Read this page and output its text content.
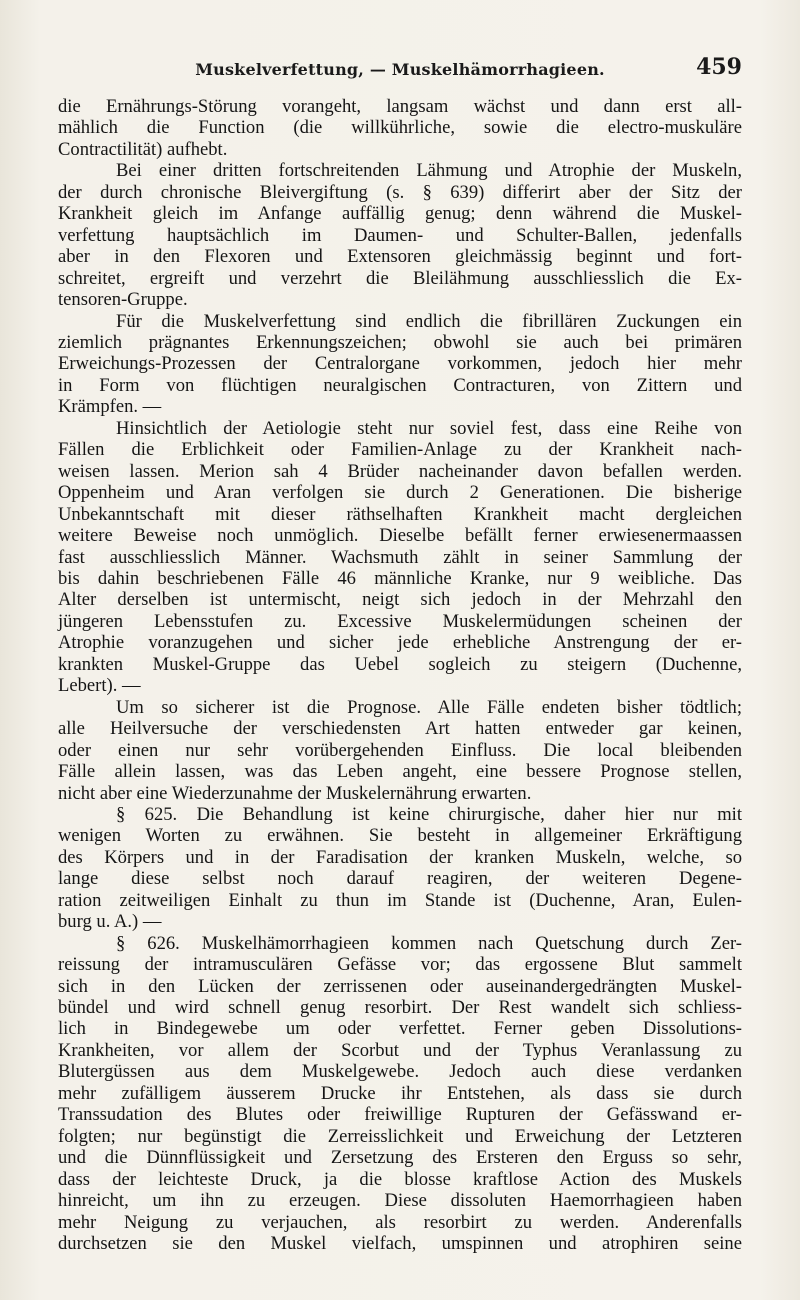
Muskelverfettung, — Muskelhämorrhagieen.	459
die Ernährungs-Störung vorangeht, langsam wächst und dann erst all-
mählich die Function (die willkührliche, sowie die electro-muskuläre
Contractilität) aufhebt.
Bei einer dritten fortschreitenden Lähmung und Atrophie der Muskeln,
der durch chronische Bleivergiftung (s. § 639) differirt aber der Sitz der
Krankheit gleich im Anfange auffällig genug; denn während die Muskel-
verfettung hauptsächlich im Daumen- und Schulter-Ballen, jedenfalls
aber in den Flexoren und Extensoren gleichmässig beginnt und fort-
schreitet, ergreift und verzehrt die Bleilähmung ausschliesslich die Ex-
tensoren-Gruppe.
Für die Muskelverfettung sind endlich die fibrillären Zuckungen ein
ziemlich prägnantes Erkennungszeichen; obwohl sie auch bei primären
Erweichungs-Prozessen der Centralorgane vorkommen, jedoch hier mehr
in Form von flüchtigen neuralgischen Contracturen, von Zittern und
Krämpfen. —
Hinsichtlich der Aetiologie steht nur soviel fest, dass eine Reihe von
Fällen die Erblichkeit oder Familien-Anlage zu der Krankheit nach-
weisen lassen. Merion sah 4 Brüder nacheinander davon befallen werden.
Oppenheim und Aran verfolgen sie durch 2 Generationen. Die bisherige
Unbekanntschaft mit dieser räthselhaften Krankheit macht dergleichen
weitere Beweise noch unmöglich. Dieselbe befällt ferner erwiesenermaassen
fast ausschliesslich Männer. Wachsmuth zählt in seiner Sammlung der
bis dahin beschriebenen Fälle 46 männliche Kranke, nur 9 weibliche. Das
Alter derselben ist untermischt, neigt sich jedoch in der Mehrzahl den
jüngeren Lebensstufen zu. Excessive Muskelermüdungen scheinen der
Atrophie voranzugehen und sicher jede erhebliche Anstrengung der er-
krankten Muskel-Gruppe das Uebel sogleich zu steigern (Duchenne,
Lebert). —
Um so sicherer ist die Prognose. Alle Fälle endeten bisher tödtlich;
alle Heilversuche der verschiedensten Art hatten entweder gar keinen,
oder einen nur sehr vorübergehenden Einfluss. Die local bleibenden
Fälle allein lassen, was das Leben angeht, eine bessere Prognose stellen,
nicht aber eine Wiederzunahme der Muskelernährung erwarten.
§ 625. Die Behandlung ist keine chirurgische, daher hier nur mit
wenigen Worten zu erwähnen. Sie besteht in allgemeiner Erkräftigung
des Körpers und in der Faradisation der kranken Muskeln, welche, so
lange diese selbst noch darauf reagiren, der weiteren Degene-
ration zeitweiligen Einhalt zu thun im Stande ist (Duchenne, Aran, Eulen-
burg u. A.) —
§ 626. Muskelhämorrhagieen kommen nach Quetschung durch Zer-
reissung der intramusculären Gefässe vor; das ergossene Blut sammelt
sich in den Lücken der zerrissenen oder auseinandergedrängten Muskel-
bündel und wird schnell genug resorbirt. Der Rest wandelt sich schliess-
lich in Bindegewebe um oder verfettet. Ferner geben Dissolutions-
Krankheiten, vor allem der Scorbut und der Typhus Veranlassung zu
Blutergüssen aus dem Muskelgewebe. Jedoch auch diese verdanken
mehr zufälligem äusserem Drucke ihr Entstehen, als dass sie durch
Transsudation des Blutes oder freiwillige Rupturen der Gefässwand er-
folgten; nur begünstigt die Zerreisslichkeit und Erweichung der Letzteren
und die Dünnflüssigkeit und Zersetzung des Ersteren den Erguss so sehr,
dass der leichteste Druck, ja die blosse kraftlose Action des Muskels
hinreicht, um ihn zu erzeugen. Diese dissoluten Haemorrhagieen haben
mehr Neigung zu verjauchen, als resorbirt zu werden. Anderenfalls
durchsetzen sie den Muskel vielfach, umspinnen und atrophiren seine
